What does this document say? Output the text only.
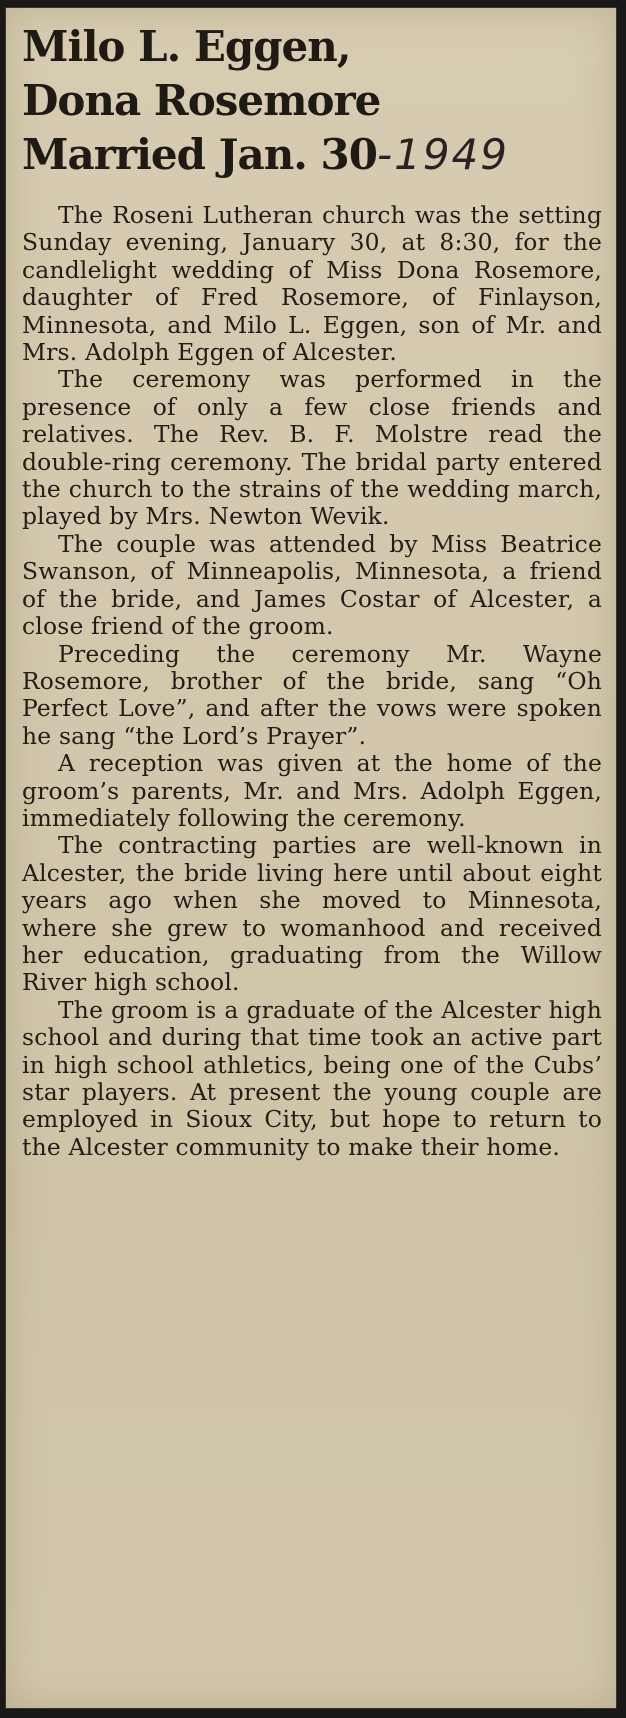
Milo L. Eggen,
Dona Rosemore
Married Jan. 30-1949

The Roseni Lutheran church was the setting Sunday evening, January 30, at 8:30, for the candlelight wedding of Miss Dona Rosemore, daughter of Fred Rosemore, of Finlayson, Minnesota, and Milo L. Eggen, son of Mr. and Mrs. Adolph Eggen of Alcester.

The ceremony was performed in the presence of only a few close friends and relatives. The Rev. B. F. Molstre read the double-ring ceremony. The bridal party entered the church to the strains of the wedding march, played by Mrs. Newton Wevik.

The couple was attended by Miss Beatrice Swanson, of Minneapolis, Minnesota, a friend of the bride, and James Costar of Alcester, a close friend of the groom.

Preceding the ceremony Mr. Wayne Rosemore, brother of the bride, sang “Oh Perfect Love”, and after the vows were spoken he sang “the Lord’s Prayer”.

A reception was given at the home of the groom’s parents, Mr. and Mrs. Adolph Eggen, immediately following the ceremony.

The contracting parties are well-known in Alcester, the bride living here until about eight years ago when she moved to Minnesota, where she grew to womanhood and received her education, graduating from the Willow River high school.

The groom is a graduate of the Alcester high school and during that time took an active part in high school athletics, being one of the Cubs’ star players. At present the young couple are employed in Sioux City, but hope to return to the Alcester community to make their home.
